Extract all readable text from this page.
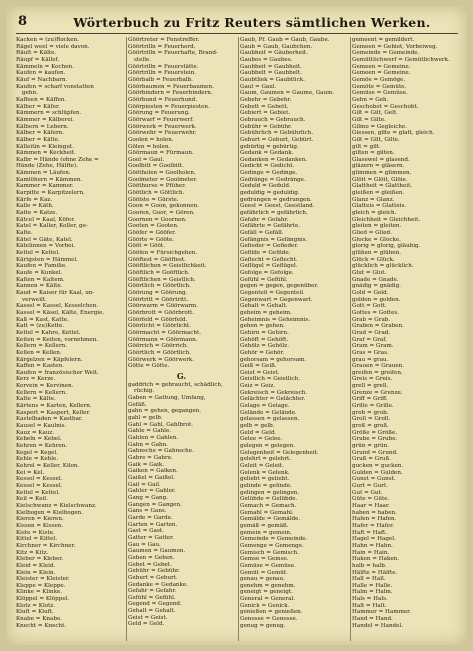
8	Wörterbuch zu Fritz Reuters sämtlichen Werken.
Kacken = (zu)Rocken.
Rägel weel = viele davon.
Räult = Kälte.
Räupf = Källef.
Kämmeln = Kochen.
Kaufen = kaufen.
Käuf = Nachbarn.
Kaufen = scharf vonstatten
gehn.
Kaffeen = Käffen.
Kälber = Käfer.
Kämmern = schlüpfen.
Kämmer = Kälberei.
Kälbern = Lebern.
Kälber = Käfern.
Kälber = Kälte.
Källeitin = Kleingut.
Kämmen = Keckheit.
Kalbr = Hände (ohne Zehe =
Hände (Zehe, Hälfte).
Kämmen = Läufen.
Kamlöhern = Kämmen.
Kammer = Kammer.
Karpitte = Karpitzelern.
Kärfe = Kaz.
Kalle = Käth.
Katte = Katze.
Kätcel = Kaal, Köfer.
Katel = Kaller, Koller, ge-
Kalte.
Kätel = Gäte, Katel.
Kätelinnen = Vorbei.
Kettel = Kettel.
Kärtgsten = Hämmel.
Kaufen = Familie.
Kaufe = Kunkel.
Kalten = Kaltem.
Kannen = Kälte.
Kaud = Kaiser für Kaal, un-
verweilt.
Kassel = Kassel, Kesselchen.
Kassel = Käsel, Kälte, Energie.
Kaß = Kast, Katte.
Katt = (zu)Kette.
Kettel = Kahre, Kettel.
Keiten = Keiten, vornehmen.
Kellern = Kellern.
Kellen = Kellen.
Kärgelzen = Käpfelern.
Kaffen = Kasten.
Kaufen = französischer Welt.
Kerz = Kerze.
Kervein = Kervinen.
Kellern = Kellern.
Kalte = Kälte.
Kärtens = Karten, Kellern.
Kaspert = Kaspert, Keller.
Kastelbaden = Kastbar.
Kausel = Kaulnis.
Kauz = Kauz.
Kebeln = Kebel.
Kehren = Kehren.
Kegel = Kegel.
Kehle = Kehle.
Kehrel = Keller, Kilon.
Kel = Kel.
Kessel = Kessel.
Kessel = Kessel.
Kettel = Kettel.
Keil = Keil.
Kielschwanz = Kielschwanz.
Kielbogen = Kielbogen.
Kieren = Kieren.
Kissen = Kissen.
Kiste = Kiste.
Kittel = Kittel.
Kirchner = Kirchner.
Kitz = Kitz.
Kleber = Kleber.
Kleid = Kleid.
Klein = Klein.
Kleister = Kleister.
Kleppe = Kleppe.
Klinke = Klinke.
Klöppel = Klöppel.
Klotz = Klotz.
Kluft = Kluft.
Knabe = Knabe.
Knecht = Knecht.
Göörtreter = Fenstreffer.
Göörtrilln = Feuerherd.
Göörtrilln = Feuerhafte, Brand-
stelle.
Göörtrilln = Feuerstätte.
Göörtrilln = Feuerstein.
Göörbalb = Feuerbalb.
Göörbaumen = Feuerbaumen.
Göörbindern = Feuerbindern.
Göörbund = Feuerhund.
Göörpiesten = Feuerpiesten.
Göörung = Feuerung.
Göörwarf = Feuerwerf.
Göörwerk = Feuerwerk.
Göörwehr = Feuerwehr.
Goolen = holen.
Gölen = holen.
Göörmaun = Fürmaun.
Gool = Gaul.
Goolbitt = Goolbitt.
Göötholen = Goolholen.
Goolmeter = Goolmeter.
Gööthurse = Pfüher.
Göötlich = Göttlich.
Göölste = Gürste.
Goon = Goon, gekonnen.
Gooren, Goor, = Gören.
Goornen = Goornen.
Gooten = Gooten.
Gööfer = Gööfer.
Göörte = Gööte.
Gööt = Gööt.
Gööfen = Fürsichgehen.
Gööftest = Gööftest.
Gööftlichen = Geistlichkeit.
Gööftlich = Goöftlich.
Gööftlichen = Geistlich.
Göörtlich = Göörtlich.
Göörung = Göörung.
Göörtritt = Göörtritt.
Göörwarm = Göörwarm.
Göörbrott = Göörbrott.
Göörfeld = Göörfeld.
Göörlicht = Göörlicht.
Göörmacht = Göörmacht.
Göörmann = Göörmann.
Göörrich = Göörrich.
Göörtlich = Göörtlich.
Göörwerk = Göörwerk.
Götte = Götte.
G.
gaddrich = gebraucht, schädlich,
rüchig.
Gaben = Gattung, Umfang,
Gefäß.
gahn = gehen, gegangen.
gahl = gelb.
Gahl = Gahl, Gahlbrot.
Gahle = Gahle.
Gahlen = Gahlen.
Gahn = Gahn.
Gahnsche = Gahnsche.
Gahre = Gahre.
Gaik = Gaik.
Gaiken = Gaiken.
Gaißel = Gaißel.
Gail = Gail.
Gahler = Gahler.
Gang = Gang.
Gangen = Gangen.
Gans = Gans.
Garde = Garde.
Garten = Garten.
Gast = Gast.
Gatter = Gatter.
Gau = Gau.
Gaumen = Gaumen.
Geben = Geben.
Gebet = Gebet.
Gebühr = Gebühr.
Geburt = Geburt.
Gedanke = Gedanke.
Gefahr = Gefahr.
Gefühl = Gefühl.
Gegend = Gegend.
Gehalt = Gehalt.
Geist = Geist.
Geld = Geld.
Gaub, Pf. Gaub = Gaub, Gaube.
Gaub = Gaub, Gaubchen.
Gaubheit = Gäuberheit.
Gaubes = Gaubes.
Gaubbeit = Gaubheit.
Gaubbelt = Gaubbelt.
Gaubtliek = Gaubtlick.
Gaul = Gaul.
Gaum, Gaumen = Gaume, Gaum.
Gebehr = Gebehr.
Gebett = Gebett.
Gebiert = Gebiet.
Gebrauch = Gebrauch.
Gebühr = Gebühr.
Gebührlich = Gebührlich.
Geburt = Geburt, Gebürt.
gebürtig = gebürtig.
Gedank = Gedank.
Gedanken = Gedanken.
Gedicht = Gedicht.
Gedinge = Gedinge.
Gedränge = Gedränge.
Geduld = Geduld.
geduldig = geduldig.
gedrungen = gedrungen.
Geest = Geest, Geestland.
gefährlich = gefährlich.
Gefahr = Gefahr.
Gefährte = Gefährte.
Gefäll = Gefäll.
Gefängnis = Gefängnis.
Gefieder = Gefieder.
Gefilde = Gefilde.
Geflecht = Geflecht.
Geflügel = Geflügel.
Gefolge = Gefolge.
Gefühl = Gefühl.
gegen = gegen, gegenüber.
Gegenteil = Gegenteil.
Gegenwart = Gegenwart.
Gehalt = Gehalt.
geheim = geheim.
Geheimnis = Geheimnis.
gehen = gehen.
Gehirn = Gehirn.
Gehöft = Gehöft.
Gehölz = Gehölz.
Gehör = Gehör.
gehorsam = gehorsam.
Geiß = Geiß.
Geist = Geist.
Geistlich = Geistlich.
Geiz = Geiz.
Gekreisch = Gekreisch.
Gelächter = Gelächter.
Gelage = Gelage.
Gelände = Gelände.
gelassen = gelassen.
gelb = gelb.
Geld = Geld.
Gelee = Gelee.
gelegen = gelegen.
Gelegenheit = Gelegenheit.
gelehrt = gelehrt.
Geleit = Geleit.
Gelenk = Gelenk.
geliebt = geliebt.
gelinde = gelinde.
gelingen = gelingen.
Gelübde = Gelübde.
Gemach = Gemach.
Gemahl = Gemahl.
Gemälde = Gemälde.
gemäß = gemäß.
gemein = gemein.
Gemeinde = Gemeinde.
Gemenge = Gemenge.
Gemisch = Gemisch.
Gemse = Gemse.
Gemüse = Gemüse.
Gemüt = Gemüt.
genau = genau.
genehm = genehm.
geneigt = geneigt.
General = General.
Genick = Genick.
genießen = genießen.
Genosse = Genosse.
genug = genug.
gemeent = gemildert.
Gemeen = Gebiet, Vorbeiweg.
Gemeinde = Gemeinde.
Gemüttlichwerf = Gemütlichwerk.
Gemeen = Gemeine.
Gemeen = Gemeine.
Gemöe = Gemöge.
Gemöte = Gemüte.
Gemüse = Gemüse.
Gehn = Geh.
Geschobet = Geschobt.
Gilt = Gilt, Gelt.
Gilt = Gilte.
Gilmo = Gegleiche.
Giessen, gilte = glatt, gleich.
Gilt = Gilt, Gilte.
gilt = gilt.
gilten = gilten.
Glasewel = glasend.
gläzern = gläsern.
glimmen = glimmen.
Glöit = Glöit, Glöie.
Glattheit = Glattheit.
gleißen = gleißen.
Glanz = Glanz.
Glatteis = Glatteis.
gleich = gleich.
Gleichheit = Gleichheit.
gleiten = gleiten.
Glied = Glied.
Glocke = Glocke.
glorig = glorig, gläubig.
glühen = glühen.
Glück = Glück.
glücklich = glücklich.
Glut = Glut.
Gnade = Gnade.
gnädig = gnädig.
Gold = Gold.
golden = golden.
Gott = Gott.
Gottes = Gottes.
Grab = Grab.
Graben = Graben.
Grad = Grad.
Graf = Graf.
Gram = Gram.
Gras = Gras.
grau = grau.
Grauen = Grauen.
greifen = greifen.
Greis = Greis.
grell = grell.
Grenze = Grenze.
Griff = Griff.
Grille = Grille.
grob = grob.
Groll = Groll.
groß = groß.
Größe = Größe.
Grube = Grube.
grün = grün.
Grund = Grund.
Gruß = Gruß.
gucken = gucken.
Gulden = Gulden.
Gunst = Gunst.
Gurt = Gurt.
Gut = Gut.
Güte = Güte.
Haar = Haar.
haben = haben.
Hafen = Hafen.
Hafer = Hafer.
Haft = Haft.
Hagel = Hagel.
Hahn = Hahn.
Hain = Hain.
Haken = Haken.
halb = halb.
Hälfte = Hälfte.
Hall = Hall.
Halle = Halle.
Halm = Halm.
Hals = Hals.
Halt = Halt.
Hammer = Hammer.
Hand = Hand.
Handel = Handel.
